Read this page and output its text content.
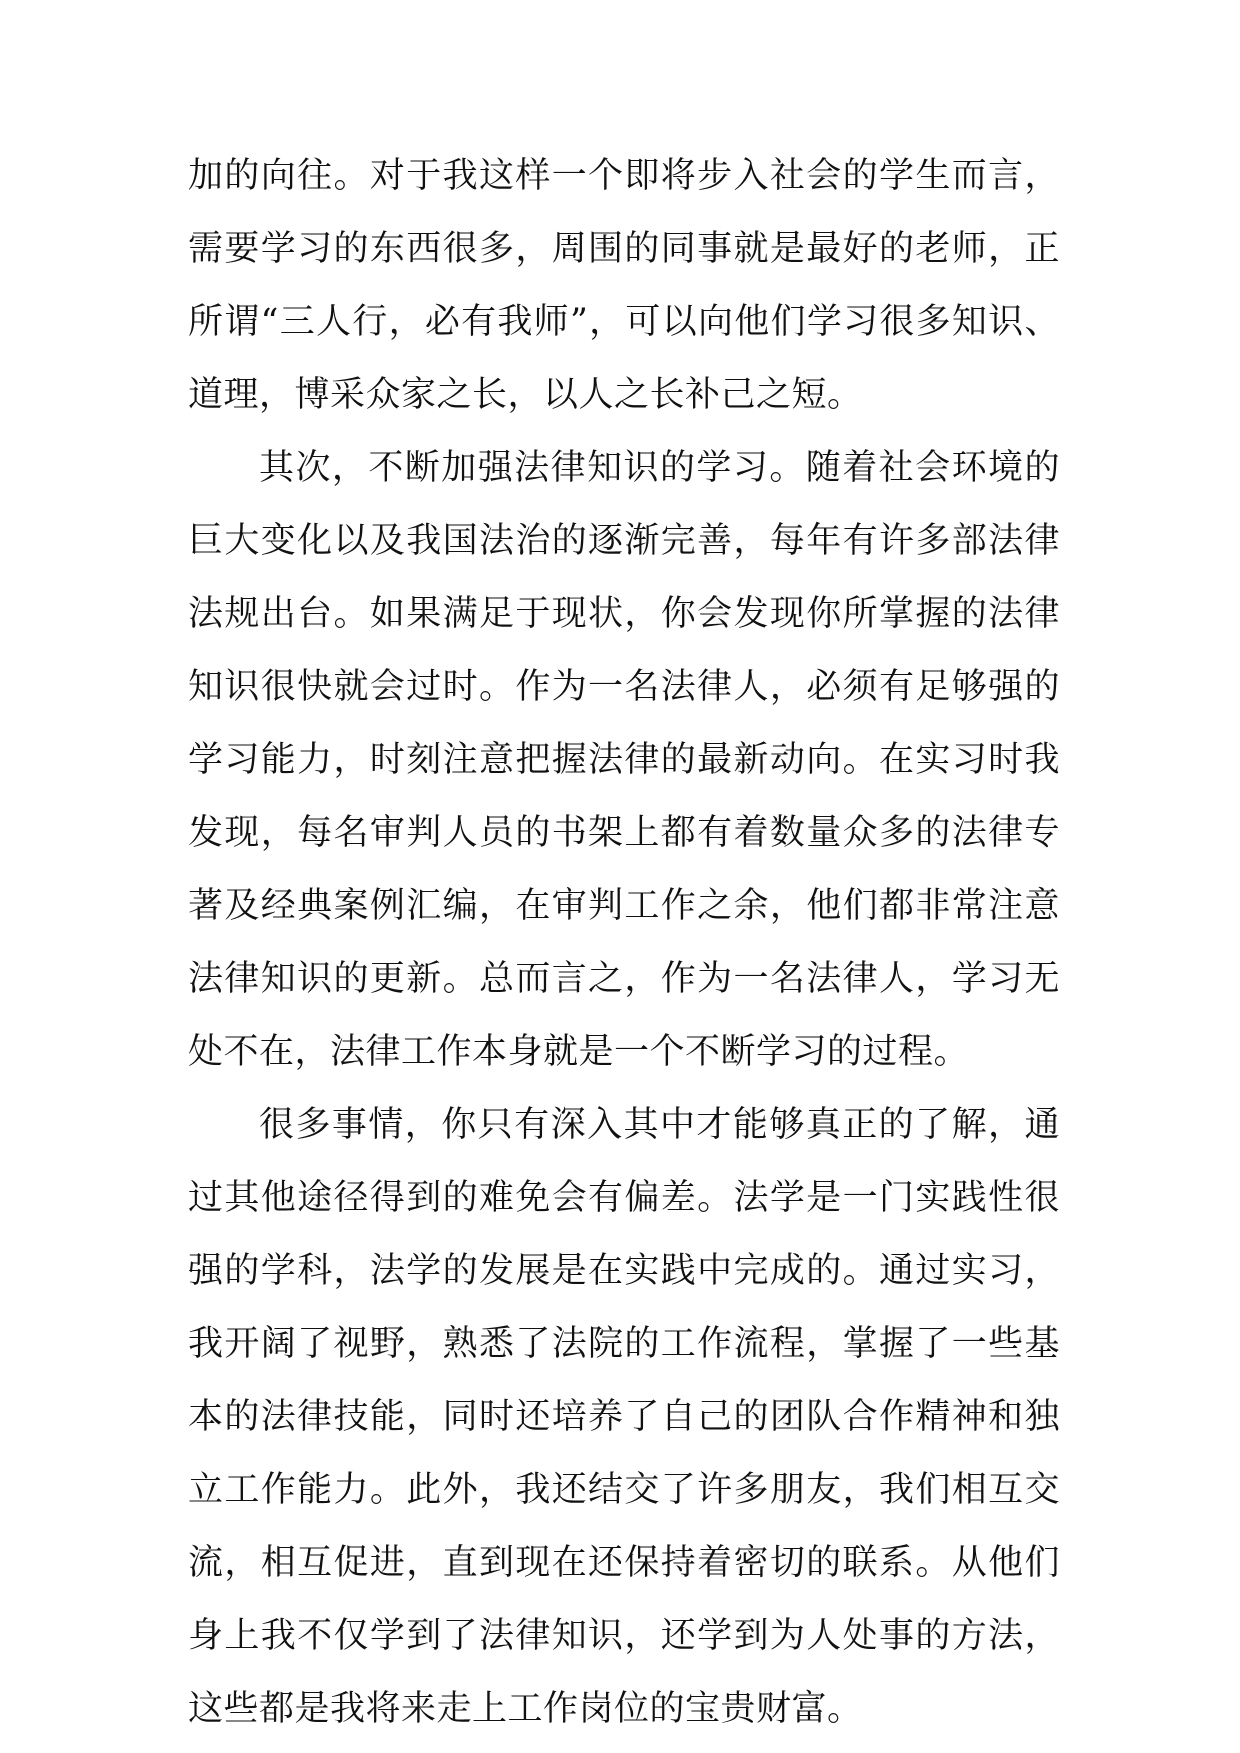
加的向往。对于我这样一个即将步入社会的学生而言，需要学习的东西很多，周围的同事就是最好的老师，正所谓“三人行，必有我师”，可以向他们学习很多知识、道理，博采众家之长，以人之长补己之短。

其次，不断加强法律知识的学习。随着社会环境的巨大变化以及我国法治的逐渐完善，每年有许多部法律法规出台。如果满足于现状，你会发现你所掌握的法律知识很快就会过时。作为一名法律人，必须有足够强的学习能力，时刻注意把握法律的最新动向。在实习时我发现，每名审判人员的书架上都有着数量众多的法律专著及经典案例汇编，在审判工作之余，他们都非常注意法律知识的更新。总而言之，作为一名法律人，学习无处不在，法律工作本身就是一个不断学习的过程。

很多事情，你只有深入其中才能够真正的了解，通过其他途径得到的难免会有偏差。法学是一门实践性很强的学科，法学的发展是在实践中完成的。通过实习，我开阔了视野，熟悉了法院的工作流程，掌握了一些基本的法律技能，同时还培养了自己的团队合作精神和独立工作能力。此外，我还结交了许多朋友，我们相互交流，相互促进，直到现在还保持着密切的联系。从他们身上我不仅学到了法律知识，还学到为人处事的方法，这些都是我将来走上工作岗位的宝贵财富。
